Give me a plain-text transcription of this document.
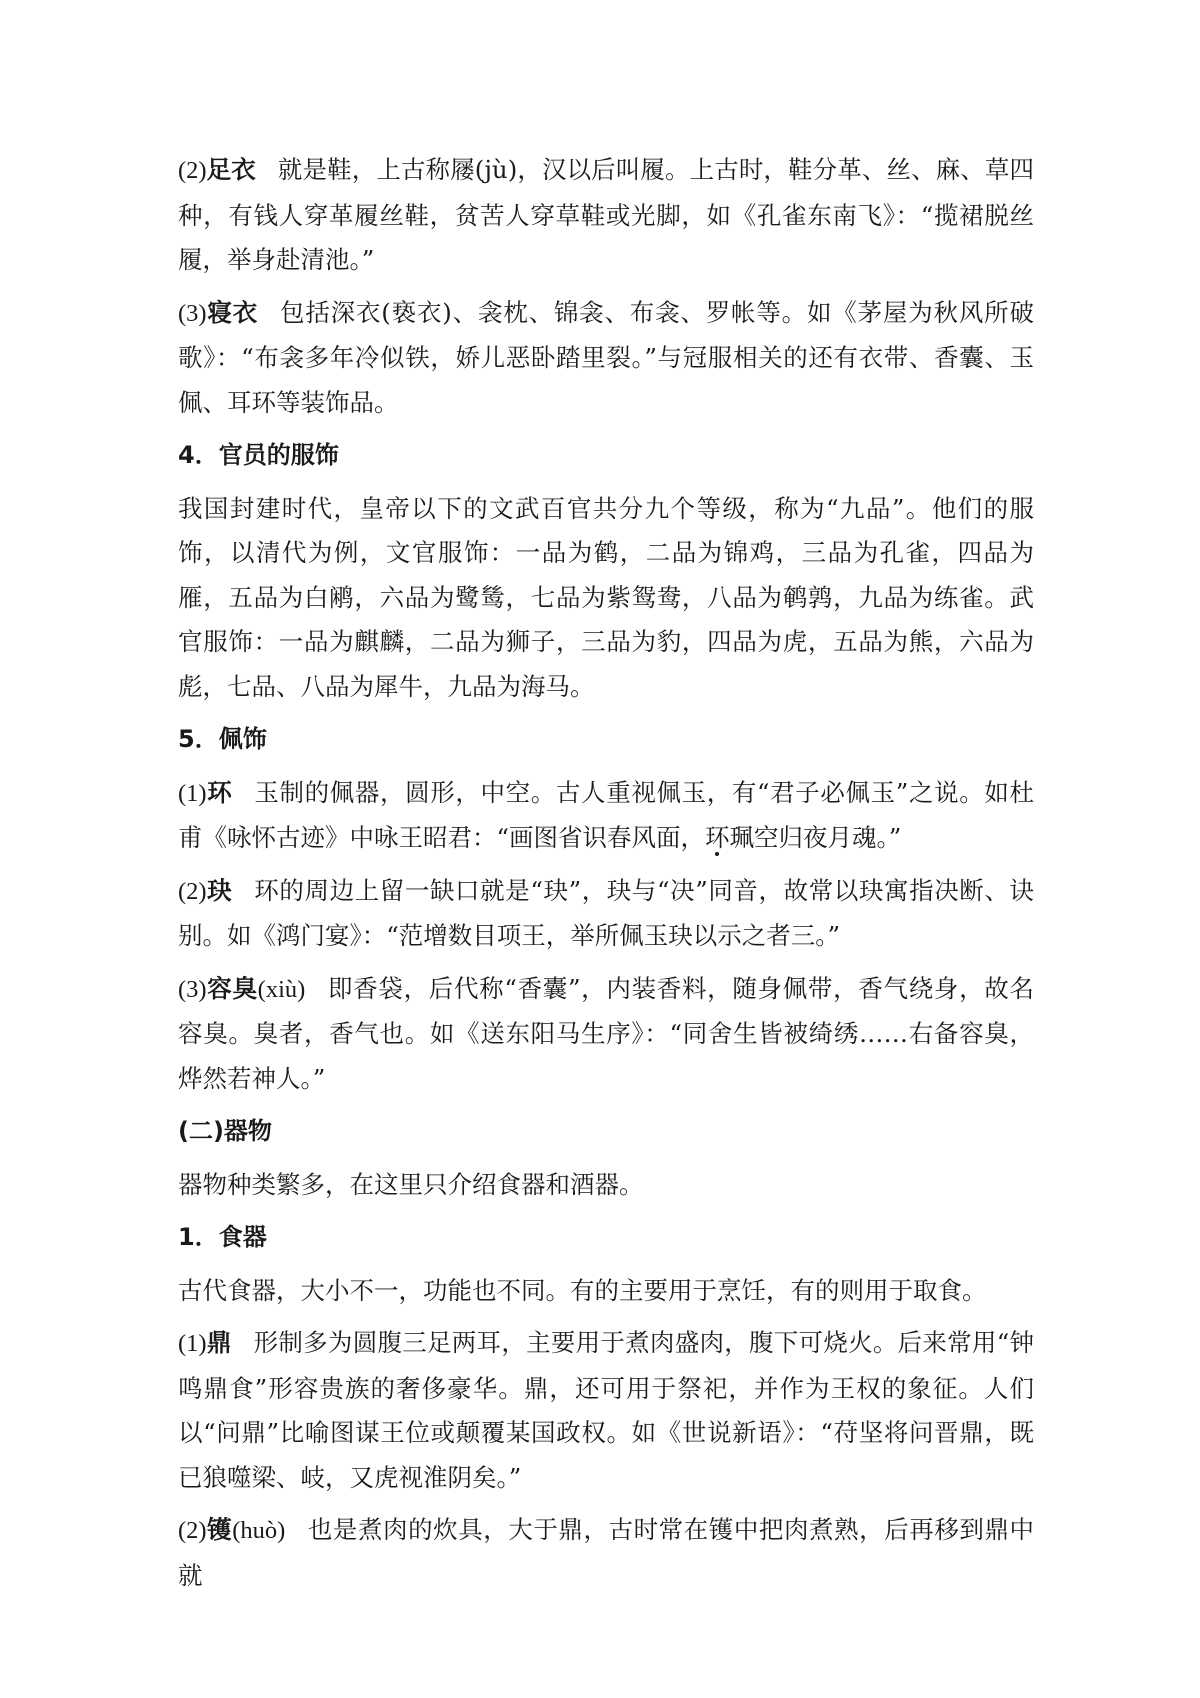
(2)足衣 就是鞋，上古称屦(jù)，汉以后叫履。上古时，鞋分革、丝、麻、草四种，有钱人穿革履丝鞋，贫苦人穿草鞋或光脚，如《孔雀东南飞》：“揽裙脱丝履，举身赴清池。”

(3)寝衣 包括深衣(亵衣)、衾枕、锦衾、布衾、罗帐等。如《茅屋为秋风所破歌》：“布衾多年冷似铁，娇儿恶卧踏里裂。”与冠服相关的还有衣带、香囊、玉佩、耳环等装饰品。

4．官员的服饰

我国封建时代，皇帝以下的文武百官共分九个等级，称为“九品”。他们的服饰，以清代为例，文官服饰：一品为鹤，二品为锦鸡，三品为孔雀，四品为雁，五品为白鹇，六品为鹭鸶，七品为紫鸳鸯，八品为鹌鹑，九品为练雀。武官服饰：一品为麒麟，二品为狮子，三品为豹，四品为虎，五品为熊，六品为彪，七品、八品为犀牛，九品为海马。

5．佩饰

(1)环 玉制的佩器，圆形，中空。古人重视佩玉，有“君子必佩玉”之说。如杜甫《咏怀古迹》中咏王昭君：“画图省识春风面，环珮空归夜月魂。”

(2)玦 环的周边上留一缺口就是“玦”，玦与“决”同音，故常以玦寓指决断、诀别。如《鸿门宴》：“范增数目项王，举所佩玉玦以示之者三。”

(3)容臭(xiù) 即香袋，后代称“香囊”，内装香料，随身佩带，香气绕身，故名容臭。臭者，香气也。如《送东阳马生序》：“同舍生皆被绮绣……右备容臭，烨然若神人。”

(二)器物

器物种类繁多，在这里只介绍食器和酒器。

1．食器

古代食器，大小不一，功能也不同。有的主要用于烹饪，有的则用于取食。

(1)鼎 形制多为圆腹三足两耳，主要用于煮肉盛肉，腹下可烧火。后来常用“钟鸣鼎食”形容贵族的奢侈豪华。鼎，还可用于祭祀，并作为王权的象征。人们以“问鼎”比喻图谋王位或颠覆某国政权。如《世说新语》：“苻坚将问晋鼎，既已狼噬梁、岐，又虎视淮阴矣。”

(2)镬(huò) 也是煮肉的炊具，大于鼎，古时常在镬中把肉煮熟，后再移到鼎中就
